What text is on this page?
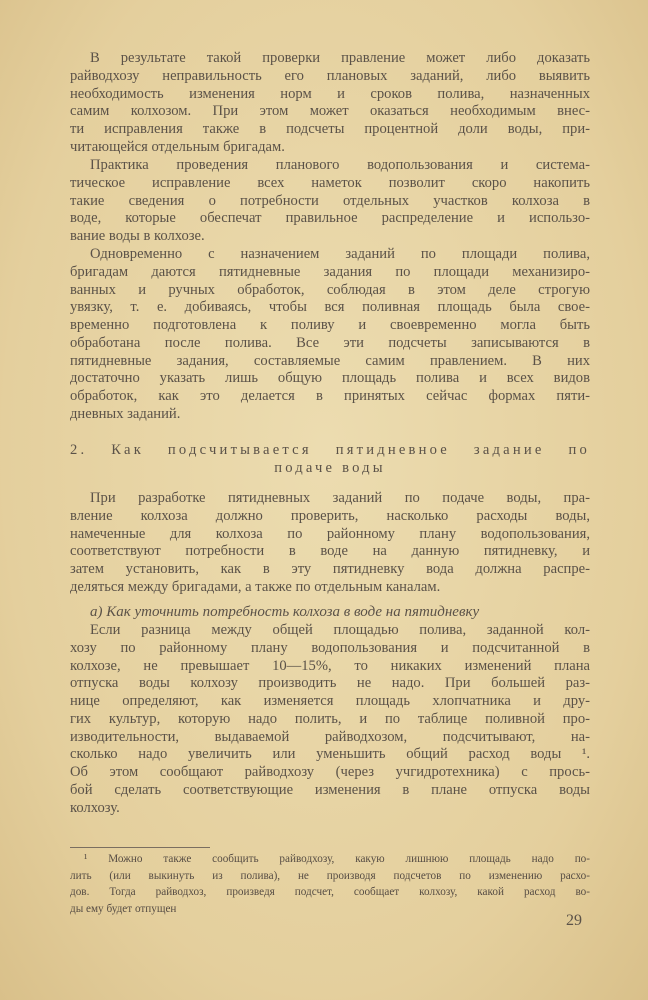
В результате такой проверки правление может либо доказать
райводхозу неправильность его плановых заданий, либо выявить
необходимость изменения норм и сроков полива, назначенных
самим колхозом. При этом может оказаться необходимым внес-
ти исправления также в подсчеты процентной доли воды, при-
читающейся отдельным бригадам.
Практика проведения планового водопользования и система-
тическое исправление всех наметок позволит скоро накопить
такие сведения о потребности отдельных участков колхоза в
воде, которые обеспечат правильное распределение и использо-
вание воды в колхозе.
Одновременно с назначением заданий по площади полива,
бригадам даются пятидневные задания по площади механизиро-
ванных и ручных обработок, соблюдая в этом деле строгую
увязку, т. е. добиваясь, чтобы вся поливная площадь была свое-
временно подготовлена к поливу и своевременно могла быть
обработана после полива. Все эти подсчеты записываются в
пятидневные задания, составляемые самим правлением. В них
достаточно указать лишь общую площадь полива и всех видов
обработок, как это делается в принятых сейчас формах пяти-
дневных заданий.
2. Как подсчитывается пятидневное задание по
подаче воды
При разработке пятидневных заданий по подаче воды, пра-
вление колхоза должно проверить, насколько расходы воды,
намеченные для колхоза по районному плану водопользования,
соответствуют потребности в воде на данную пятидневку, и
затем установить, как в эту пятидневку вода должна распре-
деляться между бригадами, а также по отдельным каналам.
а) Как уточнить потребность колхоза в воде на пятидневку
Если разница между общей площадью полива, заданной кол-
хозу по районному плану водопользования и подсчитанной в
колхозе, не превышает 10—15%, то никаких изменений плана
отпуска воды колхозу производить не надо. При большей раз-
нице определяют, как изменяется площадь хлопчатника и дру-
гих культур, которую надо полить, и по таблице поливной про-
изводительности, выдаваемой райводхозом, подсчитывают, на-
сколько надо увеличить или уменьшить общий расход воды ¹.
Об этом сообщают райводхозу (через учгидротехника) с прось-
бой сделать соответствующие изменения в плане отпуска воды
колхозу.
¹ Можно также сообщить райводхозу, какую лишнюю площадь надо по-
лить (или выкинуть из полива), не производя подсчетов по изменению расхо-
дов. Тогда райводхоз, произведя подсчет, сообщает колхозу, какой расход во-
ды ему будет отпущен
29
